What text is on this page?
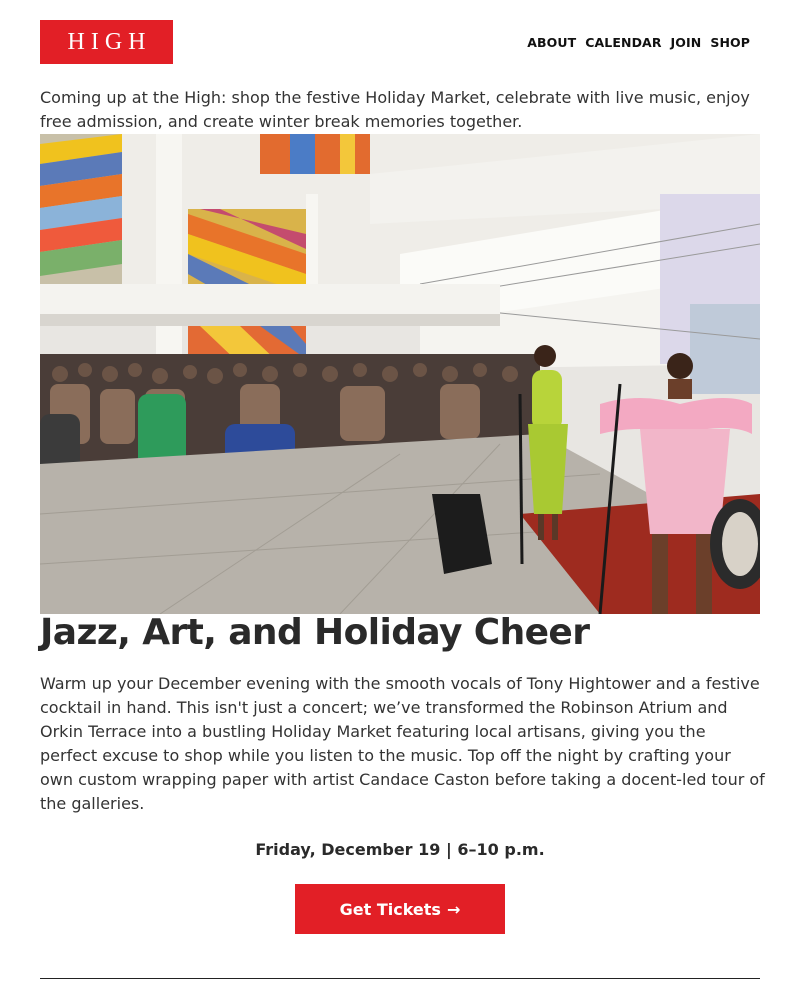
HIGH	ABOUT CALENDAR JOIN SHOP

Coming up at the High: shop the festive Holiday Market, celebrate with live music, enjoy free admission, and create winter break memories together.

Jazz, Art, and Holiday Cheer

Warm up your December evening with the smooth vocals of Tony Hightower and a festive cocktail in hand. This isn't just a concert; we’ve transformed the Robinson Atrium and Orkin Terrace into a bustling Holiday Market featuring local artisans, giving you the perfect excuse to shop while you listen to the music. Top off the night by crafting your own custom wrapping paper with artist Candace Caston before taking a docent-led tour of the galleries.

Friday, December 19 | 6–10 p.m.
Get Tickets →
